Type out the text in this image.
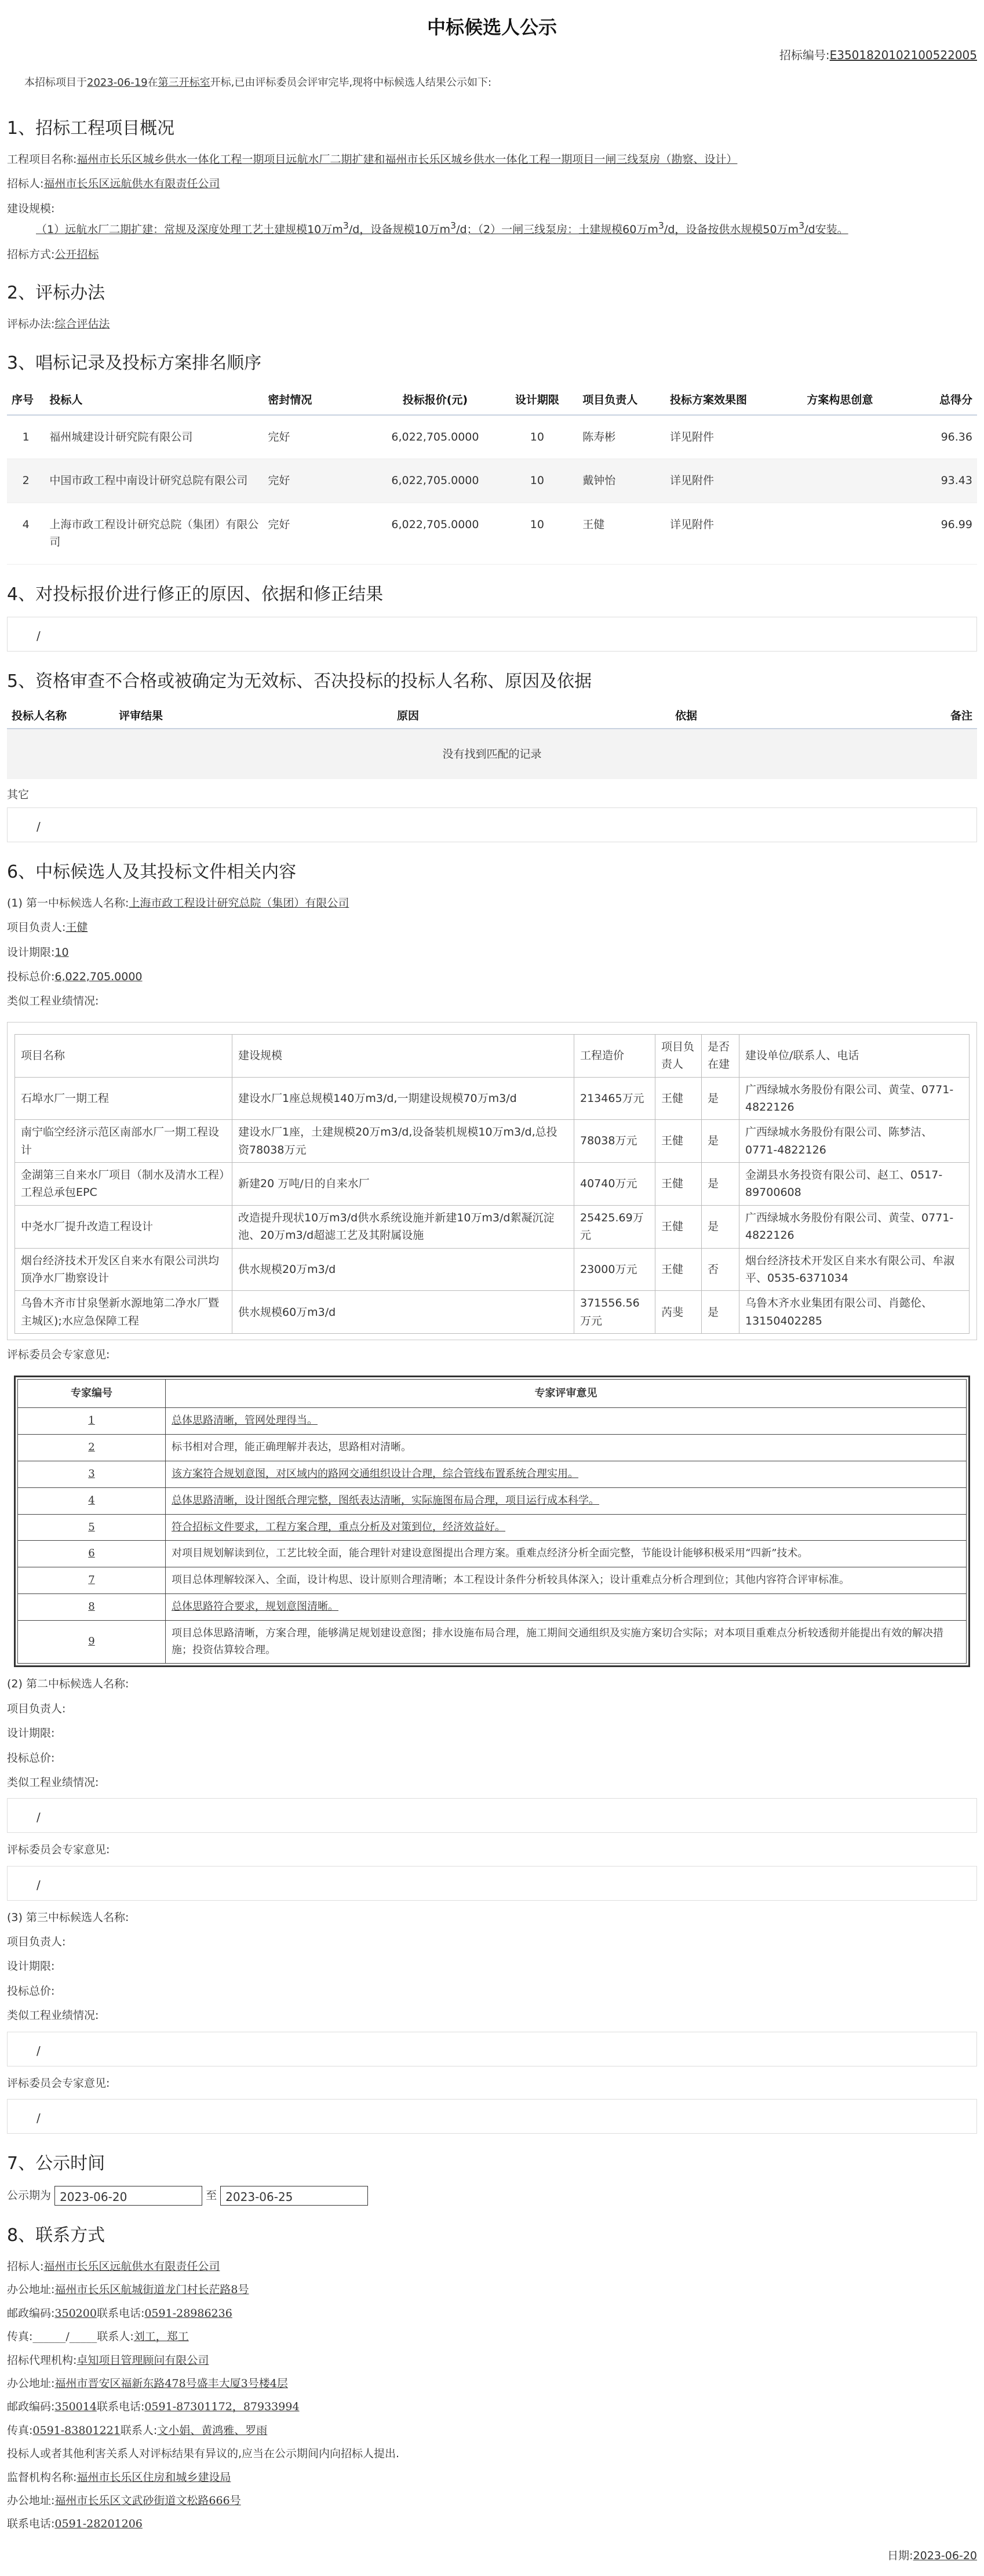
中标候选人公示
招标编号:E3501820102100522005
本招标项目于2023-06-19在第三开标室开标,已由评标委员会评审完毕,现将中标候选人结果公示如下:
1、招标工程项目概况
工程项目名称:福州市长乐区城乡供水一体化工程一期项目远航水厂二期扩建和福州市长乐区城乡供水一体化工程一期项目一闸三线泵房（勘察、设计）
招标人:福州市长乐区远航供水有限责任公司
建设规模:
（1）远航水厂二期扩建：常规及深度处理工艺土建规模10万$m^3/d$，设备规模10万$m^3/d$；（2）一闸三线泵房：土建规模60万$m^3/d$，设备按供水规模50万$m^3/d$安装。
招标方式:公开招标
2、评标办法
评标办法:综合评估法
3、唱标记录及投标方案排名顺序
序号	投标人	密封情况	投标报价(元)	设计期限	项目负责人	投标方案效果图	方案构思创意	总得分
1	福州城建设计研究院有限公司	完好	6,022,705.0000	10	陈寿彬	详见附件		96.36
2	中国市政工程中南设计研究总院有限公司	完好	6,022,705.0000	10	戴钟怡	详见附件		93.43
4	上海市政工程设计研究总院（集团）有限公司	完好	6,022,705.0000	10	王健	详见附件		96.99
4、对投标报价进行修正的原因、依据和修正结果
/
5、资格审查不合格或被确定为无效标、否决投标的投标人名称、原因及依据
投标人名称	评审结果	原因	依据	备注
没有找到匹配的记录
其它
/
6、中标候选人及其投标文件相关内容
(1) 第一中标候选人名称:上海市政工程设计研究总院（集团）有限公司
项目负责人:王健
设计期限:10
投标总价:6,022,705.0000
类似工程业绩情况:
项目名称	建设规模	工程造价	项目负责人	是否在建	建设单位/联系人、电话
石埠水厂一期工程	建设水厂1座总规模140万m3/d,一期建设规模70万m3/d	213465万元	王健	是	广西绿城水务股份有限公司、黄莹、0771-4822126
南宁临空经济示范区南部水厂一期工程设计	建设水厂1座，土建规模20万m3/d,设备装机规模10万m3/d,总投资78038万元	78038万元	王健	是	广西绿城水务股份有限公司、陈梦洁、0771-4822126
金湖第三自来水厂项目（制水及清水工程）工程总承包EPC	新建20 万吨/日的自来水厂	40740万元	王健	是	金湖县水务投资有限公司、赵工、0517-89700608
中尧水厂提升改造工程设计	改造提升现状10万m3/d供水系统设施并新建10万m3/d絮凝沉淀池、20万m3/d超滤工艺及其附属设施	25425.69万元	王健	是	广西绿城水务股份有限公司、黄莹、0771-4822126
烟台经济技术开发区自来水有限公司洪均顶净水厂勘察设计	供水规模20万m3/d	23000万元	王健	否	烟台经济技术开发区自来水有限公司、牟淑平、0535-6371034
乌鲁木齐市甘泉堡新水源地第二净水厂暨主城区);水应急保障工程	供水规模60万m3/d	371556.56万元	芮斐	是	乌鲁木齐水业集团有限公司、肖懿伦、13150402285
评标委员会专家意见:
专家编号	专家评审意见
1	总体思路清晰，管网处理得当。
2	标书相对合理，能正确理解并表达，思路相对清晰。
3	该方案符合规划意图，对区域内的路网交通组织设计合理，综合管线布置系统合理实用。
4	总体思路清晰，设计图纸合理完整，图纸表达清晰，实际施图布局合理，项目运行成本科学。
5	符合招标文件要求，工程方案合理，重点分析及对策到位，经济效益好。
6	对项目规划解读到位，工艺比较全面，能合理针对建设意图提出合理方案。重难点经济分析全面完整，节能设计能够积极采用“四新”技术。
7	项目总体理解较深入、全面，设计构思、设计原则合理清晰；本工程设计条件分析较具体深入；设计重难点分析合理到位；其他内容符合评审标准。
8	总体思路符合要求，规划意图清晰。
9	项目总体思路清晰，方案合理，能够满足规划建设意图；排水设施布局合理，施工期间交通组织及实施方案切合实际；对本项目重难点分析较透彻并能提出有效的解决措施；投资估算较合理。
(2) 第二中标候选人名称:
项目负责人:
设计期限:
投标总价:
类似工程业绩情况:
/
评标委员会专家意见:
/
(3) 第三中标候选人名称:
项目负责人:
设计期限:
投标总价:
类似工程业绩情况:
/
评标委员会专家意见:
/
7、公示时间
公示期为 2023-06-20	至 2023-06-25
8、联系方式
招标人:福州市长乐区远航供水有限责任公司
办公地址:福州市长乐区航城街道龙门村长茫路8号
邮政编码:350200联系电话:0591-28986236
传真:______/_____联系人:刘工，郑工
招标代理机构:卓知项目管理顾问有限公司
办公地址:福州市晋安区福新东路478号盛丰大厦3号楼4层
邮政编码:350014联系电话:0591-87301172，87933994
传真:0591-83801221联系人:文小娟、黄鸿雅、罗雨
投标人或者其他利害关系人对评标结果有异议的,应当在公示期间内向招标人提出.
监督机构名称:福州市长乐区住房和城乡建设局
办公地址:福州市长乐区文武砂街道文松路666号
联系电话:0591-28201206
日期:2023-06-20
